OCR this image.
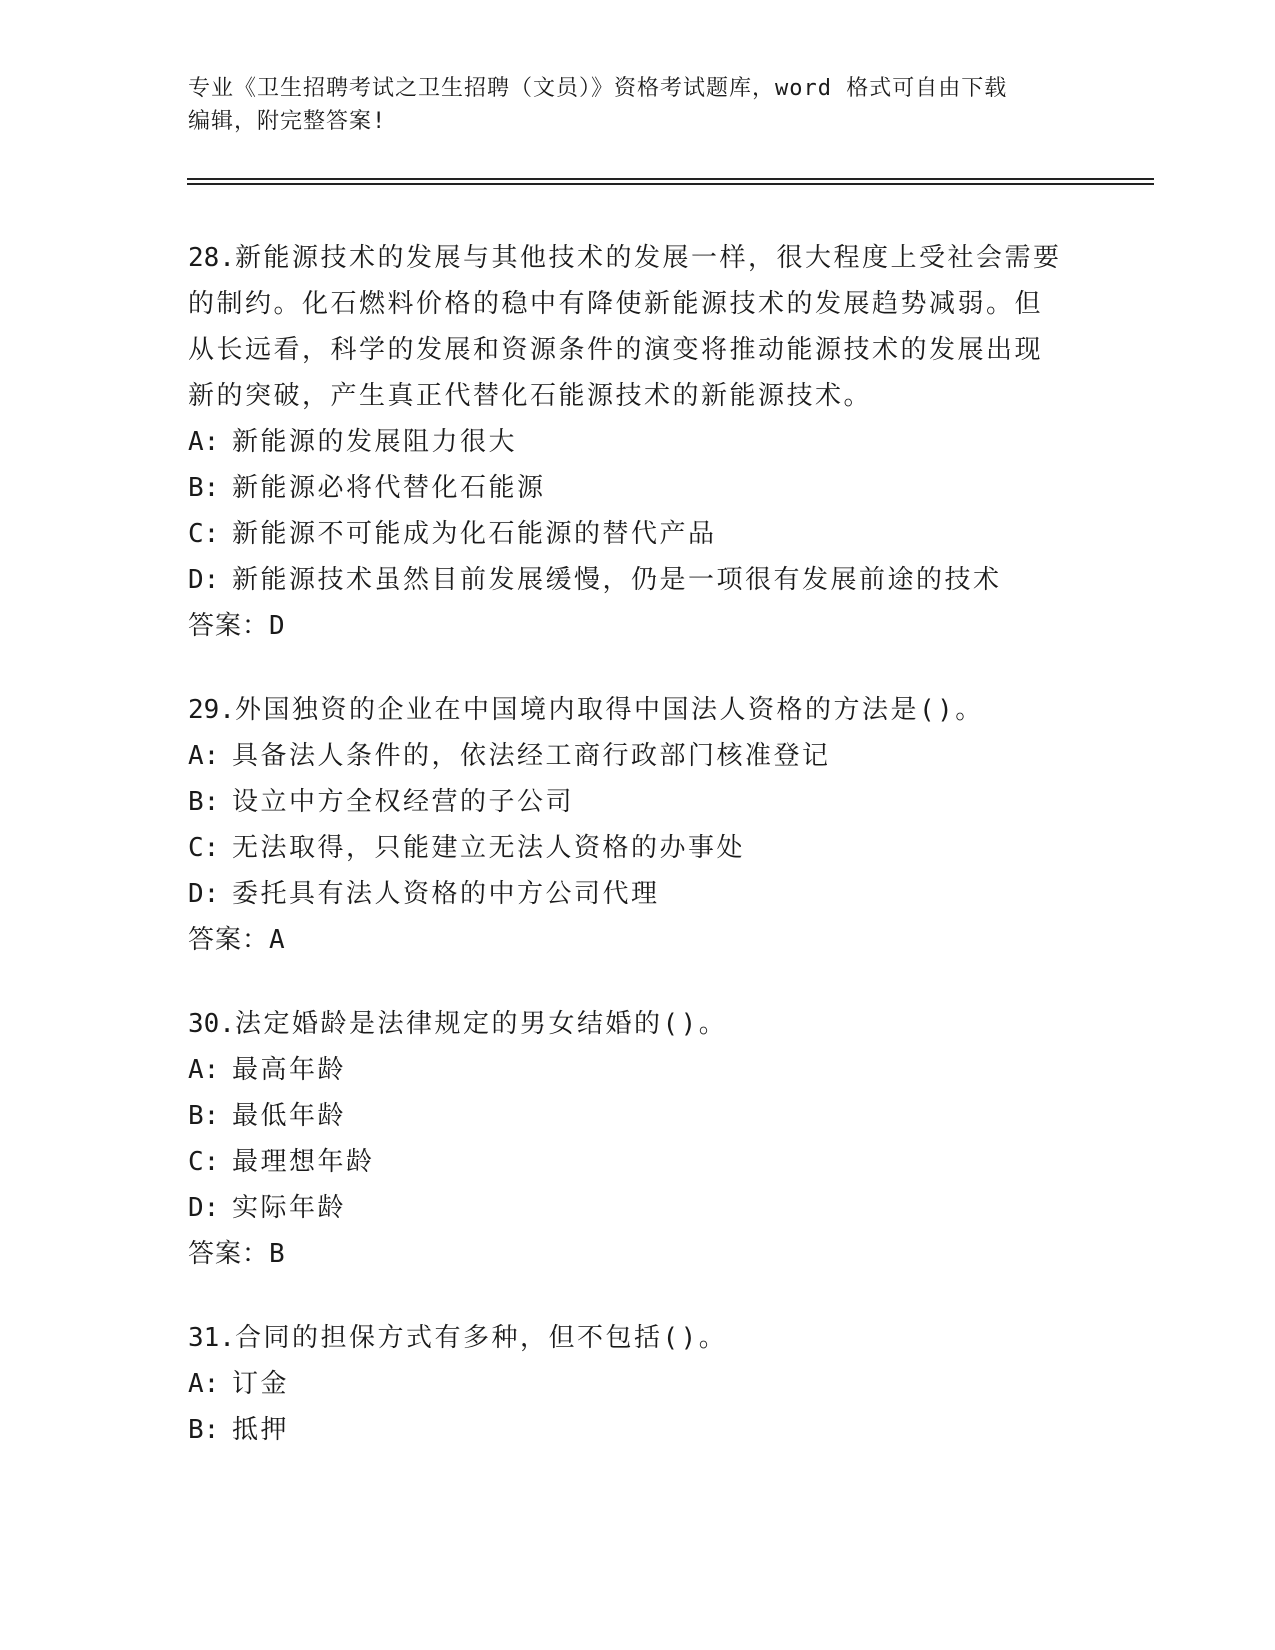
专业《卫生招聘考试之卫生招聘（文员）》资格考试题库，word 格式可自由下载
编辑，附完整答案!
28.新能源技术的发展与其他技术的发展一样，很大程度上受社会需要
的制约。化石燃料价格的稳中有降使新能源技术的发展趋势减弱。但
从长远看，科学的发展和资源条件的演变将推动能源技术的发展出现
新的突破，产生真正代替化石能源技术的新能源技术。
A: 新能源的发展阻力很大
B: 新能源必将代替化石能源
C: 新能源不可能成为化石能源的替代产品
D: 新能源技术虽然目前发展缓慢，仍是一项很有发展前途的技术
答案：D
29.外国独资的企业在中国境内取得中国法人资格的方法是()。
A: 具备法人条件的，依法经工商行政部门核准登记
B: 设立中方全权经营的子公司
C: 无法取得，只能建立无法人资格的办事处
D: 委托具有法人资格的中方公司代理
答案：A
30.法定婚龄是法律规定的男女结婚的()。
A: 最高年龄
B: 最低年龄
C: 最理想年龄
D: 实际年龄
答案：B
31.合同的担保方式有多种，但不包括()。
A: 订金
B: 抵押
